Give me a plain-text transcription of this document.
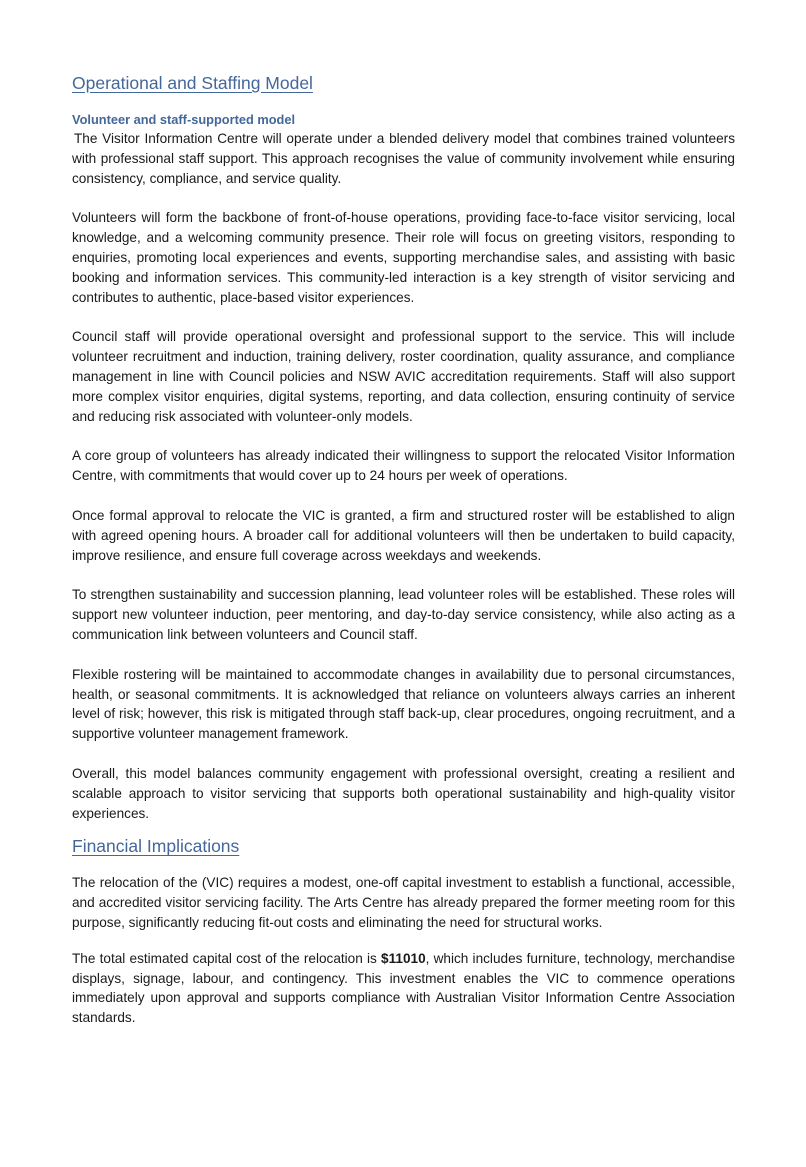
Operational and Staffing Model
Volunteer and staff-supported model

The Visitor Information Centre will operate under a blended delivery model that combines trained volunteers with professional staff support. This approach recognises the value of community involvement while ensuring consistency, compliance, and service quality.

Volunteers will form the backbone of front-of-house operations, providing face-to-face visitor servicing, local knowledge, and a welcoming community presence. Their role will focus on greeting visitors, responding to enquiries, promoting local experiences and events, supporting merchandise sales, and assisting with basic booking and information services. This community-led interaction is a key strength of visitor servicing and contributes to authentic, place-based visitor experiences.

Council staff will provide operational oversight and professional support to the service. This will include volunteer recruitment and induction, training delivery, roster coordination, quality assurance, and compliance management in line with Council policies and NSW AVIC accreditation requirements. Staff will also support more complex visitor enquiries, digital systems, reporting, and data collection, ensuring continuity of service and reducing risk associated with volunteer-only models.

A core group of volunteers has already indicated their willingness to support the relocated Visitor Information Centre, with commitments that would cover up to 24 hours per week of operations.

Once formal approval to relocate the VIC is granted, a firm and structured roster will be established to align with agreed opening hours. A broader call for additional volunteers will then be undertaken to build capacity, improve resilience, and ensure full coverage across weekdays and weekends.

To strengthen sustainability and succession planning, lead volunteer roles will be established. These roles will support new volunteer induction, peer mentoring, and day-to-day service consistency, while also acting as a communication link between volunteers and Council staff.

Flexible rostering will be maintained to accommodate changes in availability due to personal circumstances, health, or seasonal commitments. It is acknowledged that reliance on volunteers always carries an inherent level of risk; however, this risk is mitigated through staff back-up, clear procedures, ongoing recruitment, and a supportive volunteer management framework.

Overall, this model balances community engagement with professional oversight, creating a resilient and scalable approach to visitor servicing that supports both operational sustainability and high-quality visitor experiences.

Financial Implications

The relocation of the (VIC) requires a modest, one-off capital investment to establish a functional, accessible, and accredited visitor servicing facility. The Arts Centre has already prepared the former meeting room for this purpose, significantly reducing fit-out costs and eliminating the need for structural works.

The total estimated capital cost of the relocation is $11010, which includes furniture, technology, merchandise displays, signage, labour, and contingency. This investment enables the VIC to commence operations immediately upon approval and supports compliance with Australian Visitor Information Centre Association standards.
